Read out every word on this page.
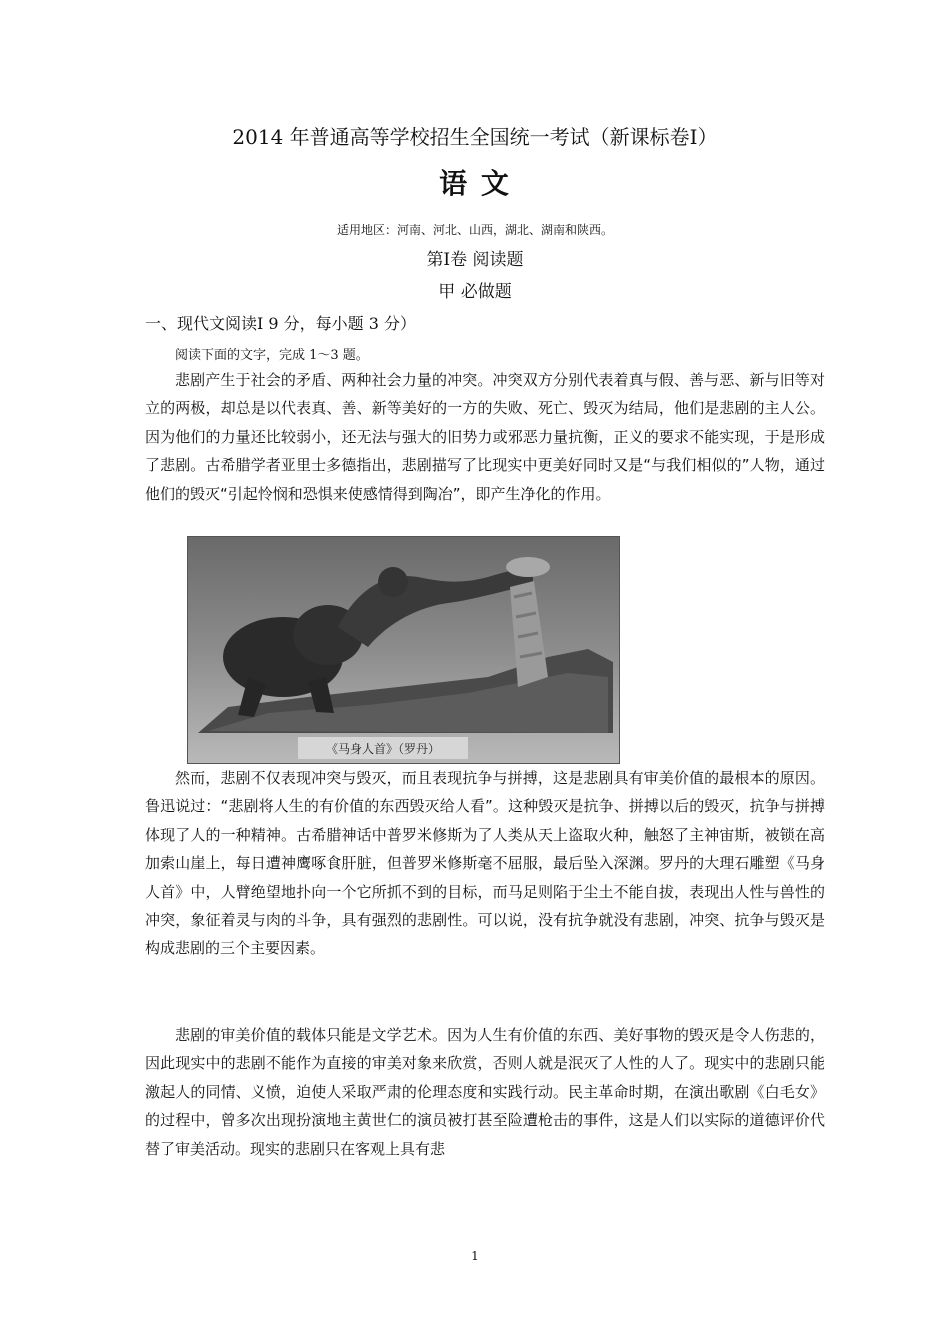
2014 年普通高等学校招生全国统一考试（新课标卷Ⅰ）
语 文
适用地区：河南、河北、山西，湖北、湖南和陕西。
第Ⅰ卷 阅读题
甲 必做题
一、现代文阅读Ⅰ 9 分，每小题 3 分）
阅读下面的文字，完成 1～3 题。

悲剧产生于社会的矛盾、两种社会力量的冲突。冲突双方分别代表着真与假、善与恶、新与旧等对立的两极，却总是以代表真、善、新等美好的一方的失败、死亡、毁灭为结局，他们是悲剧的主人公。因为他们的力量还比较弱小，还无法与强大的旧势力或邪恶力量抗衡，正义的要求不能实现，于是形成了悲剧。古希腊学者亚里士多德指出，悲剧描写了比现实中更美好同时又是“与我们相似的”人物，通过他们的毁灭“引起怜悯和恐惧来使感情得到陶冶”，即产生净化的作用。

《马身人首》（罗丹）

然而，悲剧不仅表现冲突与毁灭，而且表现抗争与拼搏，这是悲剧具有审美价值的最根本的原因。鲁迅说过：“悲剧将人生的有价值的东西毁灭给人看”。这种毁灭是抗争、拼搏以后的毁灭，抗争与拼搏体现了人的一种精神。古希腊神话中普罗米修斯为了人类从天上盗取火种，触怒了主神宙斯，被锁在高加索山崖上，每日遭神鹰啄食肝脏，但普罗米修斯毫不屈服，最后坠入深渊。罗丹的大理石雕塑《马身人首》中，人臂绝望地扑向一个它所抓不到的目标，而马足则陷于尘土不能自拔，表现出人性与兽性的冲突，象征着灵与肉的斗争，具有强烈的悲剧性。可以说，没有抗争就没有悲剧，冲突、抗争与毁灭是构成悲剧的三个主要因素。

悲剧的审美价值的载体只能是文学艺术。因为人生有价值的东西、美好事物的毁灭是令人伤悲的，因此现实中的悲剧不能作为直接的审美对象来欣赏，否则人就是泯灭了人性的人了。现实中的悲剧只能激起人的同情、义愤，迫使人采取严肃的伦理态度和实践行动。民主革命时期，在演出歌剧《白毛女》的过程中，曾多次出现扮演地主黄世仁的演员被打甚至险遭枪击的事件，这是人们以实际的道德评价代替了审美活动。现实的悲剧只在客观上具有悲

1
